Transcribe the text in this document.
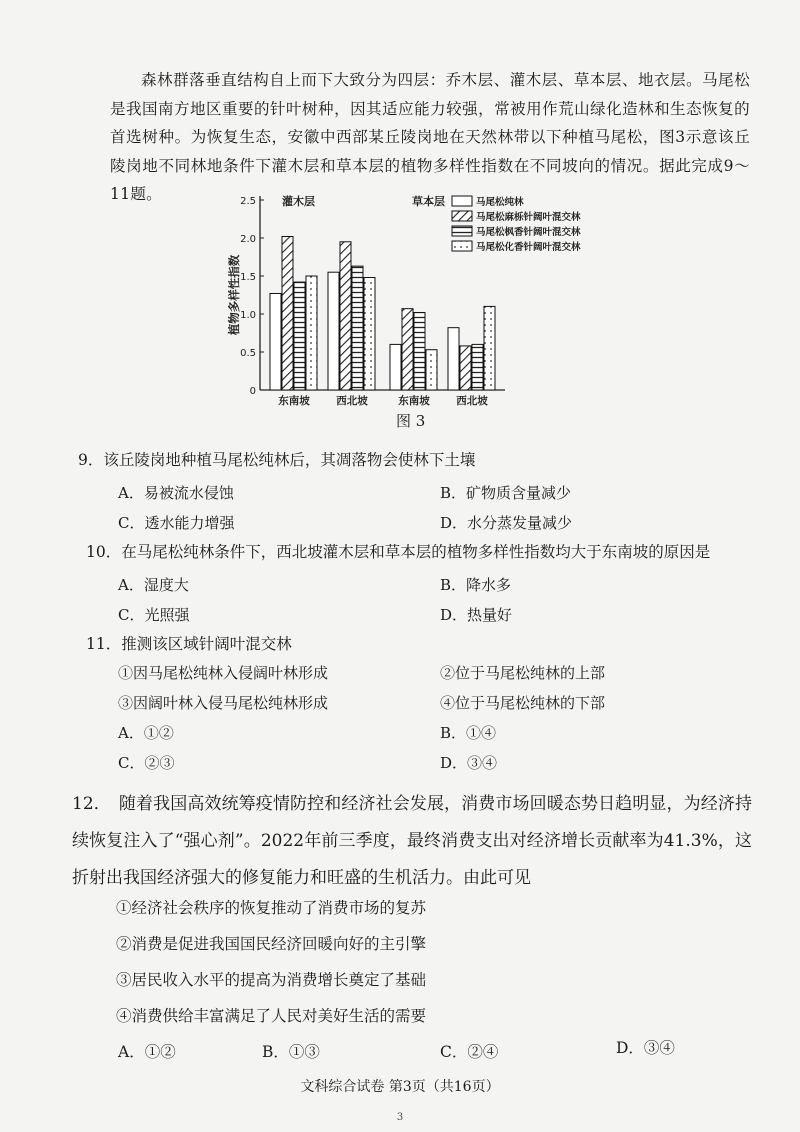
森林群落垂直结构自上而下大致分为四层：乔木层、灌木层、草本层、地衣层。马尾松是我国南方地区重要的针叶树种，因其适应能力较强，常被用作荒山绿化造林和生态恢复的首选树种。为恢复生态，安徽中西部某丘陵岗地在天然林带以下种植马尾松，图3示意该丘陵岗地不同林地条件下灌木层和草本层的植物多样性指数在不同坡向的情况。据此完成9～11题。

0
0.5
1.0
1.5
2.0
2.5
植物多样性指数
灌木层
东南坡	西北坡
草本层
东南坡	西北坡
马尾松纯林
马尾松麻栎针阔叶混交林
马尾松枫香针阔叶混交林
马尾松化香针阔叶混交林
图 3
9．该丘陵岗地种植马尾松纯林后，其凋落物会使林下土壤
A．易被流水侵蚀	B．矿物质含量减少
C．透水能力增强	D．水分蒸发量减少
10．在马尾松纯林条件下，西北坡灌木层和草本层的植物多样性指数均大于东南坡的原因是
A．湿度大	B．降水多
C．光照强	D．热量好
11．推测该区域针阔叶混交林
①因马尾松纯林入侵阔叶林形成	②位于马尾松纯林的上部
③因阔叶林入侵马尾松纯林形成	④位于马尾松纯林的下部
A．①②	B．①④
C．②③	D．③④
12． 随着我国高效统筹疫情防控和经济社会发展，消费市场回暖态势日趋明显，为经济持续恢复注入了“强心剂”。2022年前三季度，最终消费支出对经济增长贡献率为41.3%，这折射出我国经济强大的修复能力和旺盛的生机活力。由此可见
①经济社会秩序的恢复推动了消费市场的复苏
②消费是促进我国国民经济回暖向好的主引擎
③居民收入水平的提高为消费增长奠定了基础
④消费供给丰富满足了人民对美好生活的需要
A．①②	B．①③	C．②④	D．③④
文科综合试卷 第3页（共16页）
3
